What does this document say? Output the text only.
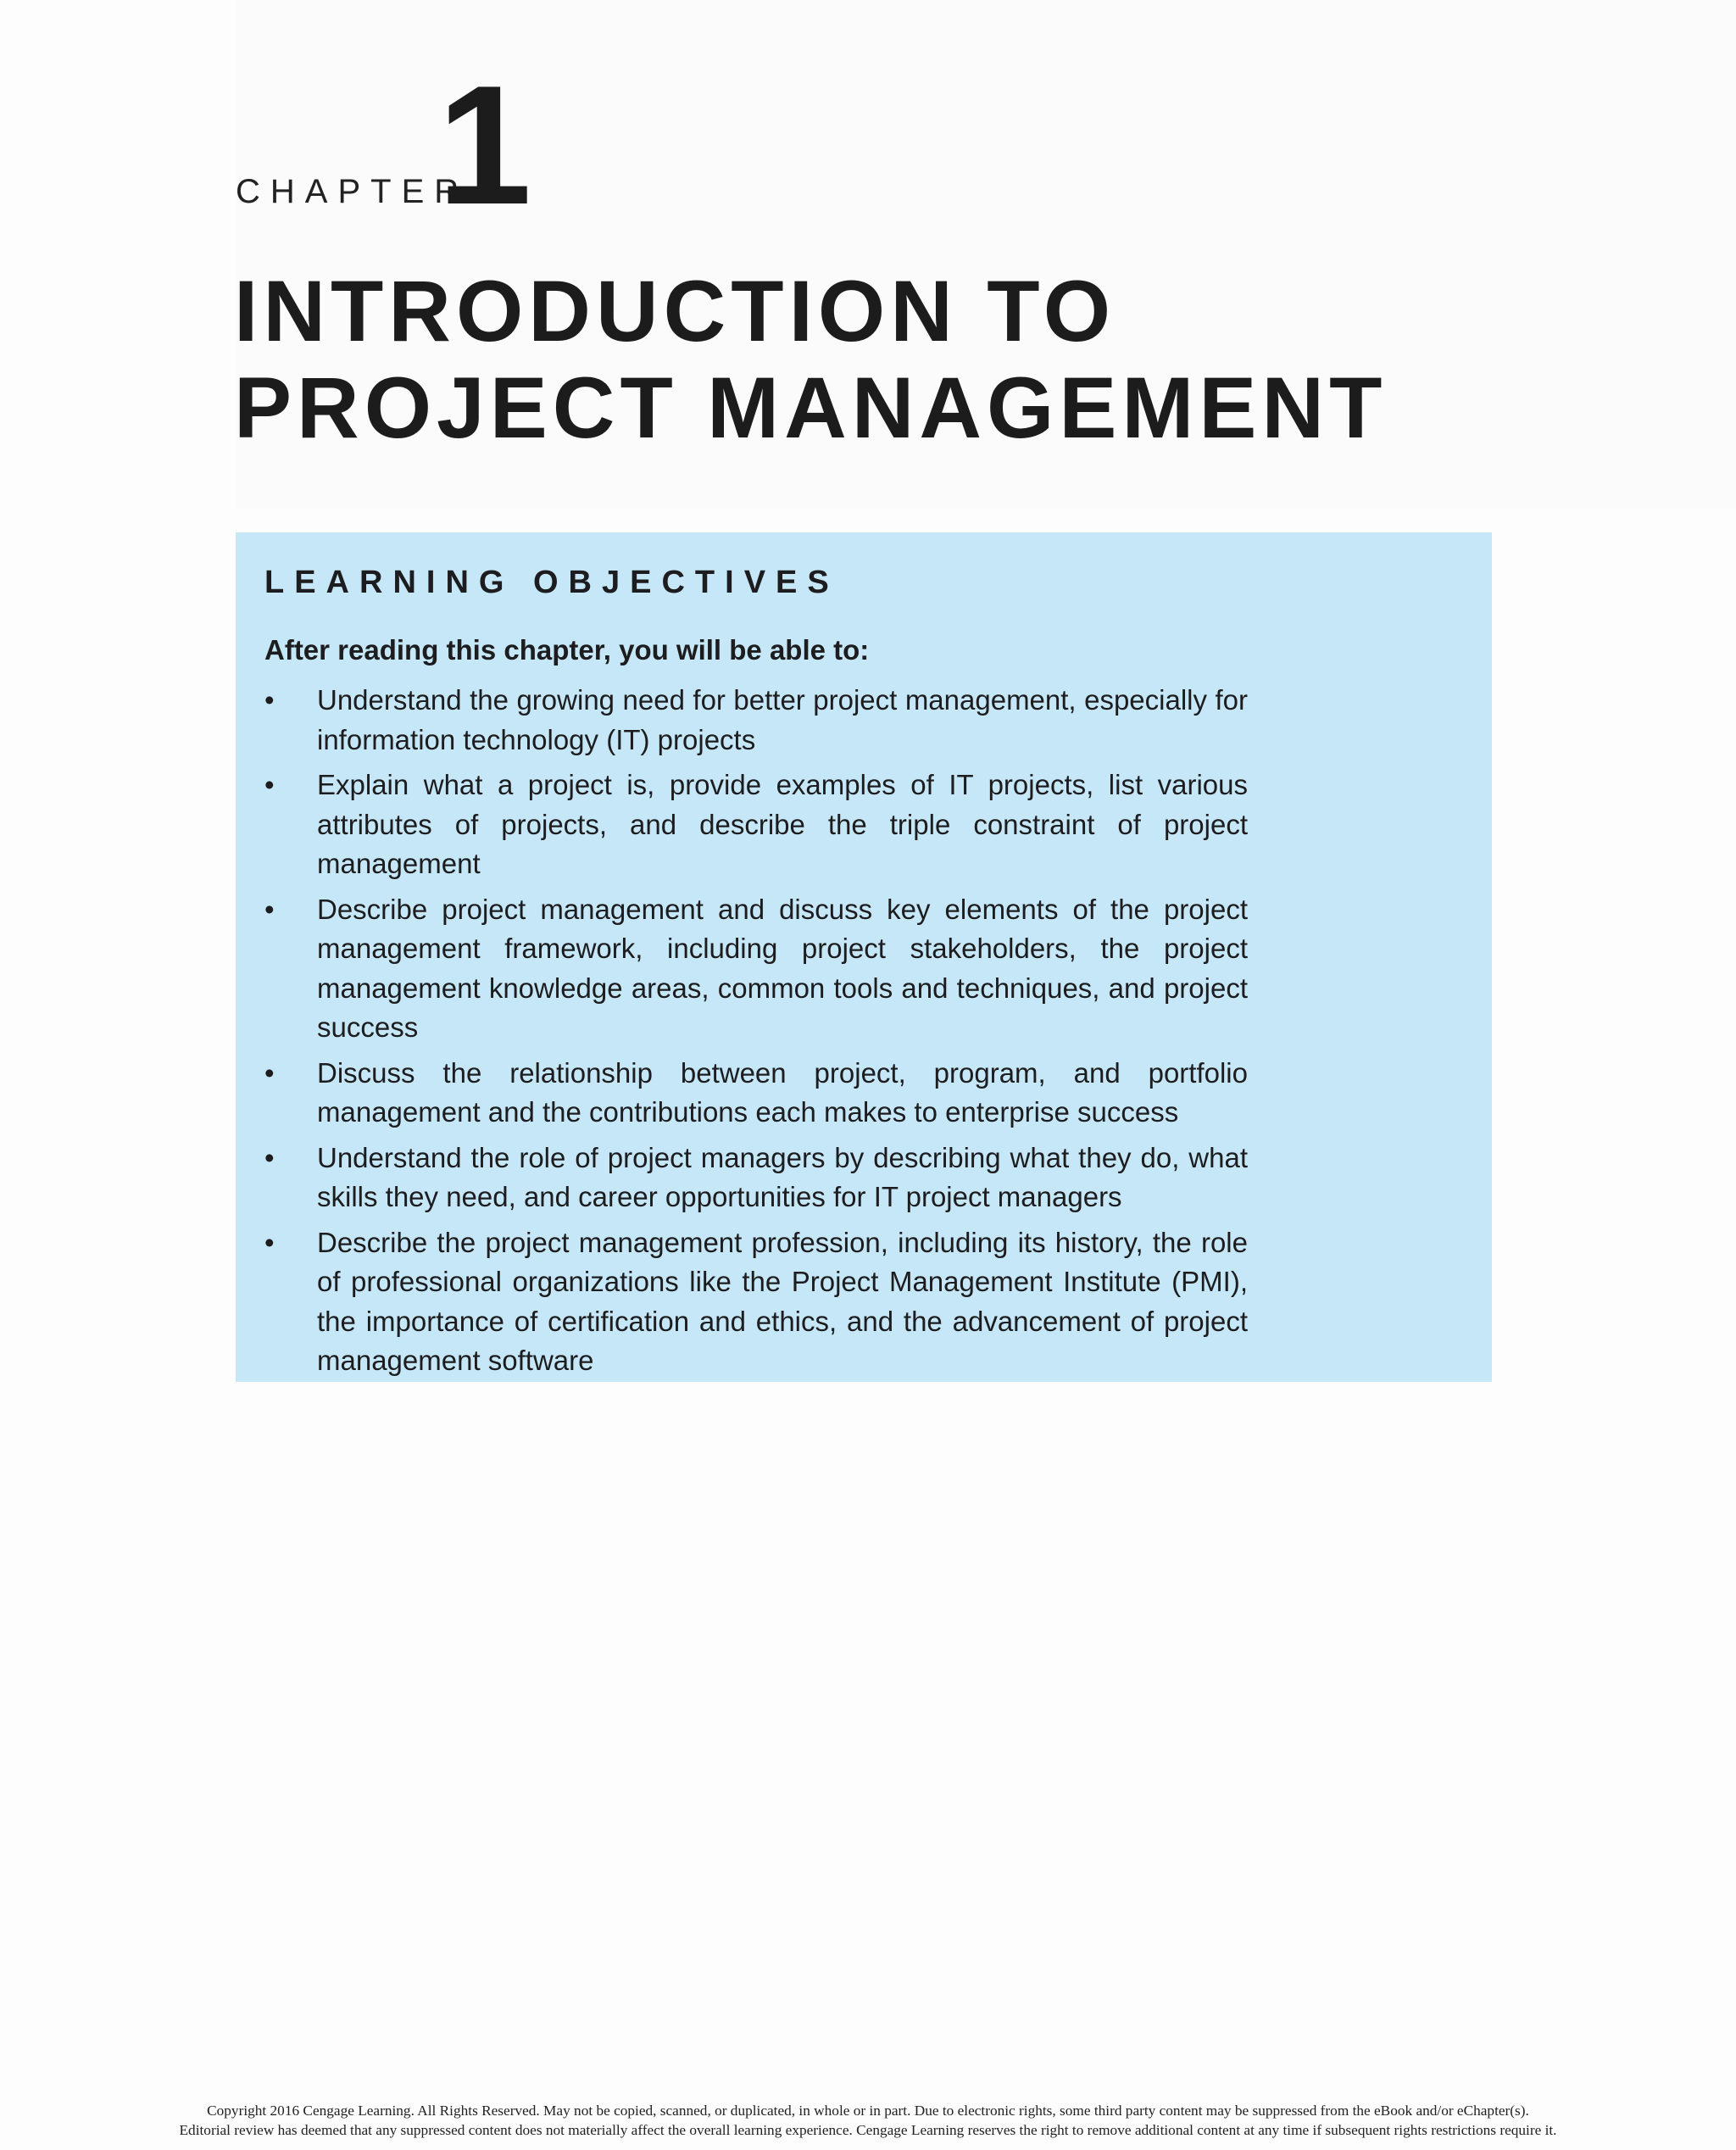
CHAPTER
1
INTRODUCTION TO
PROJECT MANAGEMENT
LEARNING OBJECTIVES
After reading this chapter, you will be able to:
• Understand the growing need for better project management, especially for information technology (IT) projects
• Explain what a project is, provide examples of IT projects, list various attributes of projects, and describe the triple constraint of project management
• Describe project management and discuss key elements of the project management framework, including project stakeholders, the project management knowledge areas, common tools and techniques, and project success
• Discuss the relationship between project, program, and portfolio management and the contributions each makes to enterprise success
• Understand the role of project managers by describing what they do, what skills they need, and career opportunities for IT project managers
• Describe the project management profession, including its history, the role of professional organizations like the Project Management Institute (PMI), the importance of certification and ethics, and the advancement of project management software
Copyright 2016 Cengage Learning. All Rights Reserved. May not be copied, scanned, or duplicated, in whole or in part. Due to electronic rights, some third party content may be suppressed from the eBook and/or eChapter(s).
Editorial review has deemed that any suppressed content does not materially affect the overall learning experience. Cengage Learning reserves the right to remove additional content at any time if subsequent rights restrictions require it.
